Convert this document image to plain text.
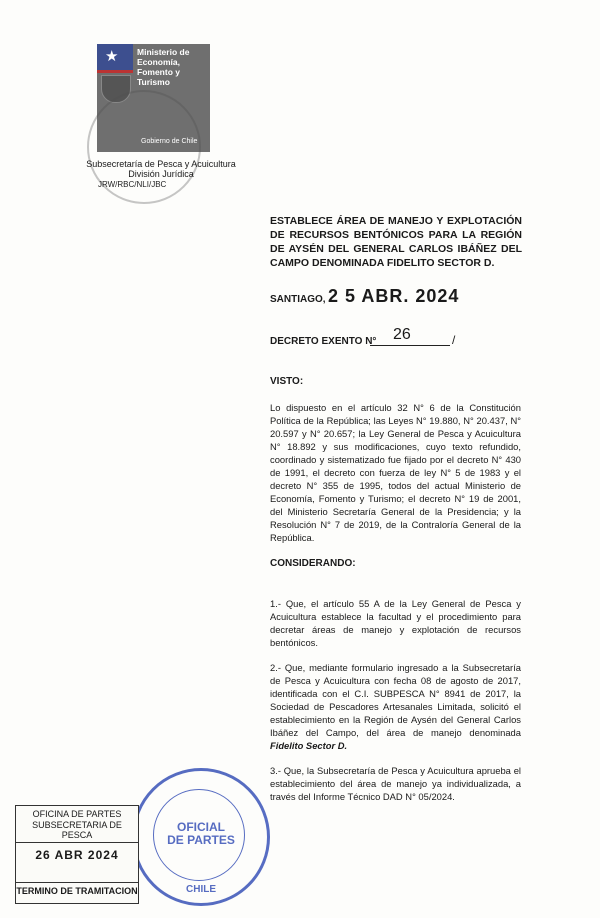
★ Ministerio de
Economía,
Fomento y
Turismo
Gobierno de Chile
Subsecretaría de Pesca y Acuicultura
División Jurídica
JRW/RBC/NLI/JBC
ESTABLECE ÁREA DE MANEJO Y EXPLOTACIÓN DE RECURSOS BENTÓNICOS PARA LA REGIÓN DE AYSÉN DEL GENERAL CARLOS IBÁÑEZ DEL CAMPO DENOMINADA FIDELITO SECTOR D.
SANTIAGO, 2 5 ABR. 2024
DECRETO EXENTO N° 26	/
VISTO:
Lo dispuesto en el artículo 32 N° 6 de la Constitución Política de la República; las Leyes N° 19.880, N° 20.437, N° 20.597 y N° 20.657; la Ley General de Pesca y Acuicultura N° 18.892 y sus modificaciones, cuyo texto refundido, coordinado y sistematizado fue fijado por el decreto N° 430 de 1991, el decreto con fuerza de ley N° 5 de 1983 y el decreto N° 355 de 1995, todos del actual Ministerio de Economía, Fomento y Turismo; el decreto N° 19 de 2001, del Ministerio Secretaría General de la Presidencia; y la Resolución N° 7 de 2019, de la Contraloría General de la República.
CONSIDERANDO:
1.- Que, el artículo 55 A de la Ley General de Pesca y Acuicultura establece la facultad y el procedimiento para decretar áreas de manejo y explotación de recursos bentónicos.
2.- Que, mediante formulario ingresado a la Subsecretaría de Pesca y Acuicultura con fecha 08 de agosto de 2017, identificada con el C.I. SUBPESCA N° 8941 de 2017, la Sociedad de Pescadores Artesanales Limitada, solicitó el establecimiento en la Región de Aysén del General Carlos Ibáñez del Campo, del área de manejo denominada Fidelito Sector D.
3.- Que, la Subsecretaría de Pesca y Acuicultura aprueba el establecimiento del área de manejo ya individualizada, a través del Informe Técnico DAD N° 05/2024.
OFICIAL
DE PARTES
CHILE
OFICINA DE PARTES
SUBSECRETARIA DE PESCA
26 ABR 2024
TERMINO DE TRAMITACION
